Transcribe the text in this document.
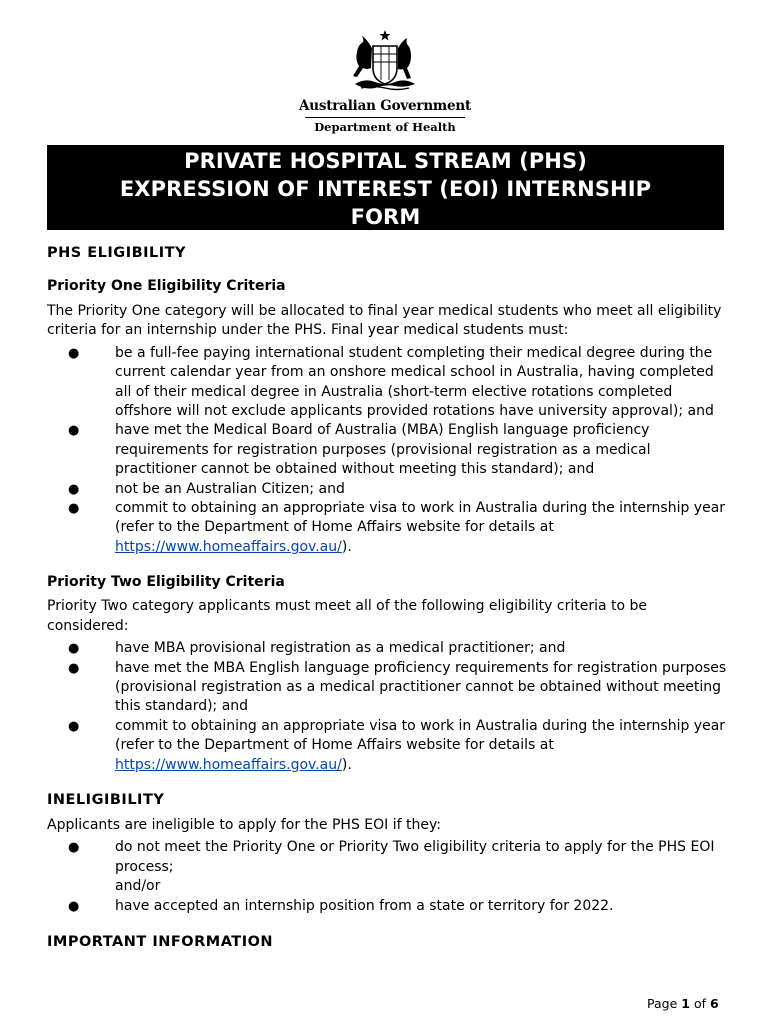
Australian Government
Department of Health
PRIVATE HOSPITAL STREAM (PHS)
EXPRESSION OF INTEREST (EOI) INTERNSHIP
FORM
PHS ELIGIBILITY
Priority One Eligibility Criteria

The Priority One category will be allocated to final year medical students who meet all eligibility criteria for an internship under the PHS. Final year medical students must:

●	be a full-fee paying international student completing their medical degree during the current calendar year from an onshore medical school in Australia, having completed all of their medical degree in Australia (short-term elective rotations completed offshore will not exclude applicants provided rotations have university approval); and
●	have met the Medical Board of Australia (MBA) English language proficiency requirements for registration purposes (provisional registration as a medical practitioner cannot be obtained without meeting this standard); and
●	not be an Australian Citizen; and
●	commit to obtaining an appropriate visa to work in Australia during the internship year (refer to the Department of Home Affairs website for details at https://www.homeaffairs.gov.au/).
Priority Two Eligibility Criteria

Priority Two category applicants must meet all of the following eligibility criteria to be considered:

●	have MBA provisional registration as a medical practitioner; and
●	have met the MBA English language proficiency requirements for registration purposes (provisional registration as a medical practitioner cannot be obtained without meeting this standard); and
●	commit to obtaining an appropriate visa to work in Australia during the internship year (refer to the Department of Home Affairs website for details at https://www.homeaffairs.gov.au/).
INELIGIBILITY

Applicants are ineligible to apply for the PHS EOI if they:

●	do not meet the Priority One or Priority Two eligibility criteria to apply for the PHS EOI process;
and/or
●	have accepted an internship position from a state or territory for 2022.
IMPORTANT INFORMATION
Page 1 of 6
